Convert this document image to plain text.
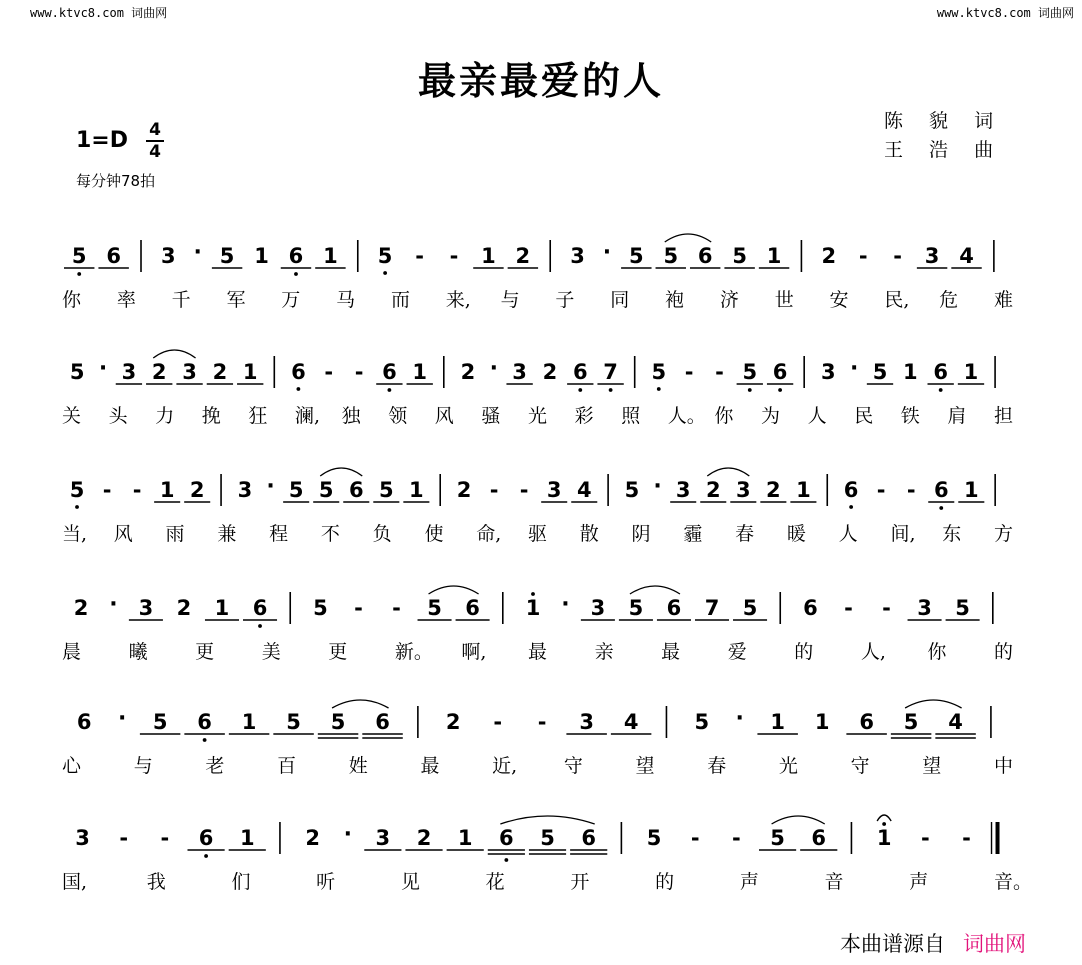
www.ktvc8.com 词曲网	www.ktvc8.com 词曲网
最亲最爱的人
陈 貌 词
王 浩 曲
1=D 4
4
每分钟78拍
5 6 3 · 5 1 6 1 5 - - 1 2 3 · 5 5 6 5 1 2 - - 3 4
你 率 千 军 万 马 而 来, 与 子 同 袍 济 世 安 民, 危 难
5 · 3 2 3 2 1 6 - - 6 1 2 · 3 2 6 7 5 - - 5 6 3 · 5 1 6 1
关 头 力 挽 狂 澜, 独 领 风 骚 光 彩 照 人。 你 为 人 民 铁 肩 担
5 - - 1 2 3 · 5 5 6 5 1 2 - - 3 4 5 · 3 2 3 2 1 6 - - 6 1
当, 风 雨 兼 程 不 负 使 命, 驱 散 阴 霾 春 暖 人 间, 东 方
2 · 3 2 1 6 5 - - 5 6 1 · 3 5 6 7 5 6 - - 3 5
晨	曦	更	美	更	新。 啊, 最	亲	最	爱	的	人, 你	的
6 · 5 6 1 5 5 6	2 - - 3 4	5 · 1 1 6 5 4
心	与	老	百	姓	最	近, 守	望	春	光	守	望	中
3 - - 6 1 2 · 3 2 1 6 5 6 5 - - 5 6 1 - -
国,	我	们	听	见	花	开	的	声	音	声	音。
本曲谱源自 词曲网
